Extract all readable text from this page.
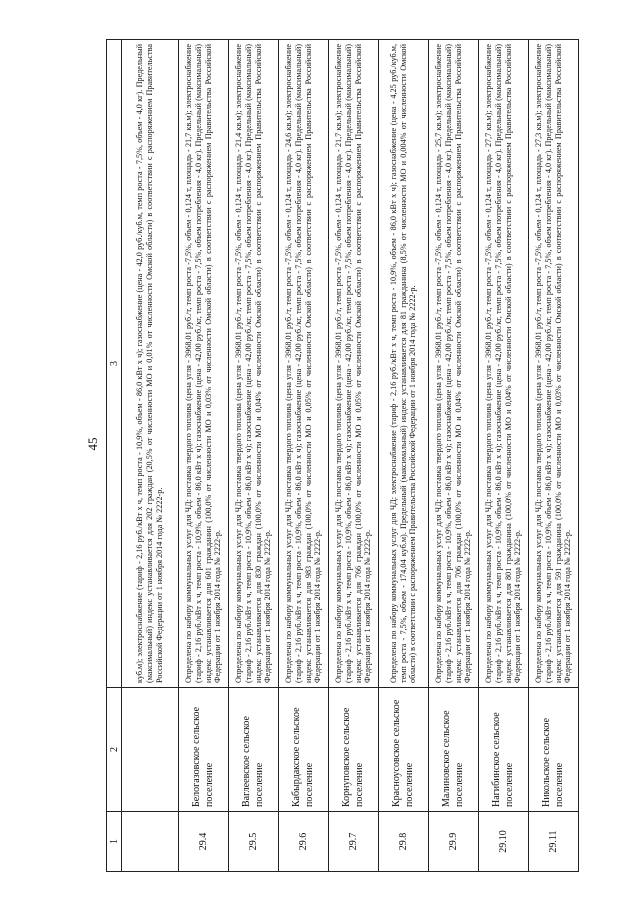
45
1	2	3
		куб.м); электроснабжение (тариф - 2,16 руб./кВт х ч, темп роста - 10,9%, объем - 86,0 кВт х ч); газоснабжение (цена - 42,0 руб./куб.м, темп роста - 7,5%, объем - 4,0 кг). Предельный (максимальный) индекс устанавливается для 202 граждан (20,5% от численности МО и 0,01% от численности Омской области) в соответствии с распоряжением Правительства Российской Федерации от 1 ноября 2014 года № 2222-р.
29.4	Белогазовское сельское поселение	Определена по набору коммунальных услуг для ЧД: поставка твердого топлива (цена угля - 3968,01 руб./т, темп роста -7,5%, объем - 0,124 т, площадь - 21,7 кв.м); электроснабжение (тариф - 2,16 руб./кВт х ч, темп роста - 10,9%, объем - 86,0 кВт х ч); газоснабжение (цена - 42,00 руб./кг, темп роста - 7,5%, объем потребления - 4,0 кг). Предельный (максимальный) индекс устанавливается для 601 гражданин (100,0% от численности МО и 0,03% от численности Омской области) в соответствии с распоряжением Правительства Российской Федерации от 1 ноября 2014 года № 2222-р.
29.5	Ваглеевское сельское поселение	Определена по набору коммунальных услуг для ЧД: поставка твердого топлива (цена угля - 3968,01 руб./т, темп роста -7,5%, объем - 0,124 т, площадь - 21,4 кв.м); электроснабжение (тариф - 2,16 руб./кВт х ч, темп роста - 10,9%, объем - 86,0 кВт х ч); газоснабжение (цена - 42,00 руб./кг, темп роста - 7,5%, объем потребления - 4,0 кг). Предельный (максимальный) индекс устанавливается для 830 граждан (100,0% от численности МО и 0,04% от численности Омской области) в соответствии с распоряжением Правительства Российской Федерации от 1 ноября 2014 года № 2222-р.
29.6	Кабырдакское сельское поселение	Определена по набору коммунальных услуг для ЧД: поставка твердого топлива (цена угля - 3968,01 руб./т, темп роста -7,5%, объем - 0,124 т, площадь - 24,6 кв.м); электроснабжение (тариф - 2,16 руб./кВт х ч, темп роста - 10,9%, объем - 86,0 кВт х ч); газоснабжение (цена - 42,00 руб./кг, темп роста - 7,5%, объем потребления - 4,0 кг). Предельный (максимальный) индекс устанавливается для 983 граждан (100,0% от численности МО и 0,05% от численности Омской области) в соответствии с распоряжением Правительства Российской Федерации от 1 ноября 2014 года № 2222-р.
29.7	Корнуповское сельское поселение	Определена по набору коммунальных услуг для ЧД: поставка твердого топлива (цена угля - 3968,01 руб./т, темп роста -7,5%, объем - 0,124 т, площадь - 21,7 кв.м); электроснабжение (тариф - 2,16 руб./кВт х ч, темп роста - 10,9%, объем - 86,0 кВт х ч); газоснабжение (цена - 42,00 руб./кг, темп роста - 7,5%, объем потребления - 4,0 кг). Предельный (максимальный) индекс устанавливается для 766 граждан (100,0% от численности МО и 0,05% от численности Омской области) в соответствии с распоряжением Правительства Российской Федерации от 1 ноября 2014 года № 2222-р.
29.8	Красноусовское сельское поселение	Определена по набору коммунальных услуг для ЧД: электроснабжение (тариф - 2,16 руб./кВт х ч, темп роста - 10,9%, объем - 86,0 кВт х ч); газоснабжение (цена - 4,25 руб./куб.м, темп роста - 7,5%, объем - 174,04 куб.м). Предельный (максимальный) индекс устанавливается для 81 гражданина (8,5% от численности МО и 0,004% от численности Омской области) в соответствии с распоряжением Правительства Российской Федерации от 1 ноября 2014 года № 2222-р.
29.9	Малиновское сельское поселение	Определена по набору коммунальных услуг для ЧД: поставка твердого топлива (цена угля - 3968,01 руб./т, темп роста -7,5%, объем - 0,124 т, площадь - 25,7 кв.м); электроснабжение (тариф - 2,16 руб./кВт х ч, темп роста - 10,9%, объем - 86,0 кВт х ч); газоснабжение (цена - 42,00 руб./кг, темп роста - 7,5%, объем потребления - 4,0 кг). Предельный (максимальный) индекс устанавливается для 706 граждан (100,0% от численности МО и 0,04% от численности Омской области) в соответствии с распоряжением Правительства Российской Федерации от 1 ноября 2014 года № 2222-р.
29.10	Нагибинское сельское поселение	Определена по набору коммунальных услуг для ЧД: поставка твердого топлива (цена угля - 3968,01 руб./т, темп роста -7,5%, объем - 0,124 т, площадь - 27,7 кв.м); электроснабжение (тариф - 2,16 руб./кВт х ч, темп роста - 10,9%, объем - 86,0 кВт х ч); газоснабжение (цена - 42,00 руб./кг, темп роста - 7,5%, объем потребления - 4,0 кг). Предельный (максимальный) индекс устанавливается для 801 гражданина (100,0% от численности МО и 0,04% от численности Омской области) в соответствии с распоряжением Правительства Российской Федерации от 1 ноября 2014 года № 2222-р.
29.11	Никольское сельское поселение	Определена по набору коммунальных услуг для ЧД: поставка твердого топлива (цена угля - 3968,01 руб./т, темп роста -7,5%, объем - 0,124 т, площадь - 27,3 кв.м); электроснабжение (тариф - 2,16 руб./кВт х ч, темп роста - 10,9%, объем - 86,0 кВт х ч); газоснабжение (цена - 42,00 руб./кг, темп роста - 7,5%, объем потребления - 4,0 кг). Предельный (максимальный) индекс устанавливается для 591 гражданина (100,0% от численности МО и 0,03% от численности Омской области) в соответствии с распоряжением Правительства Российской Федерации от 1 ноября 2014 года № 2222-р.
